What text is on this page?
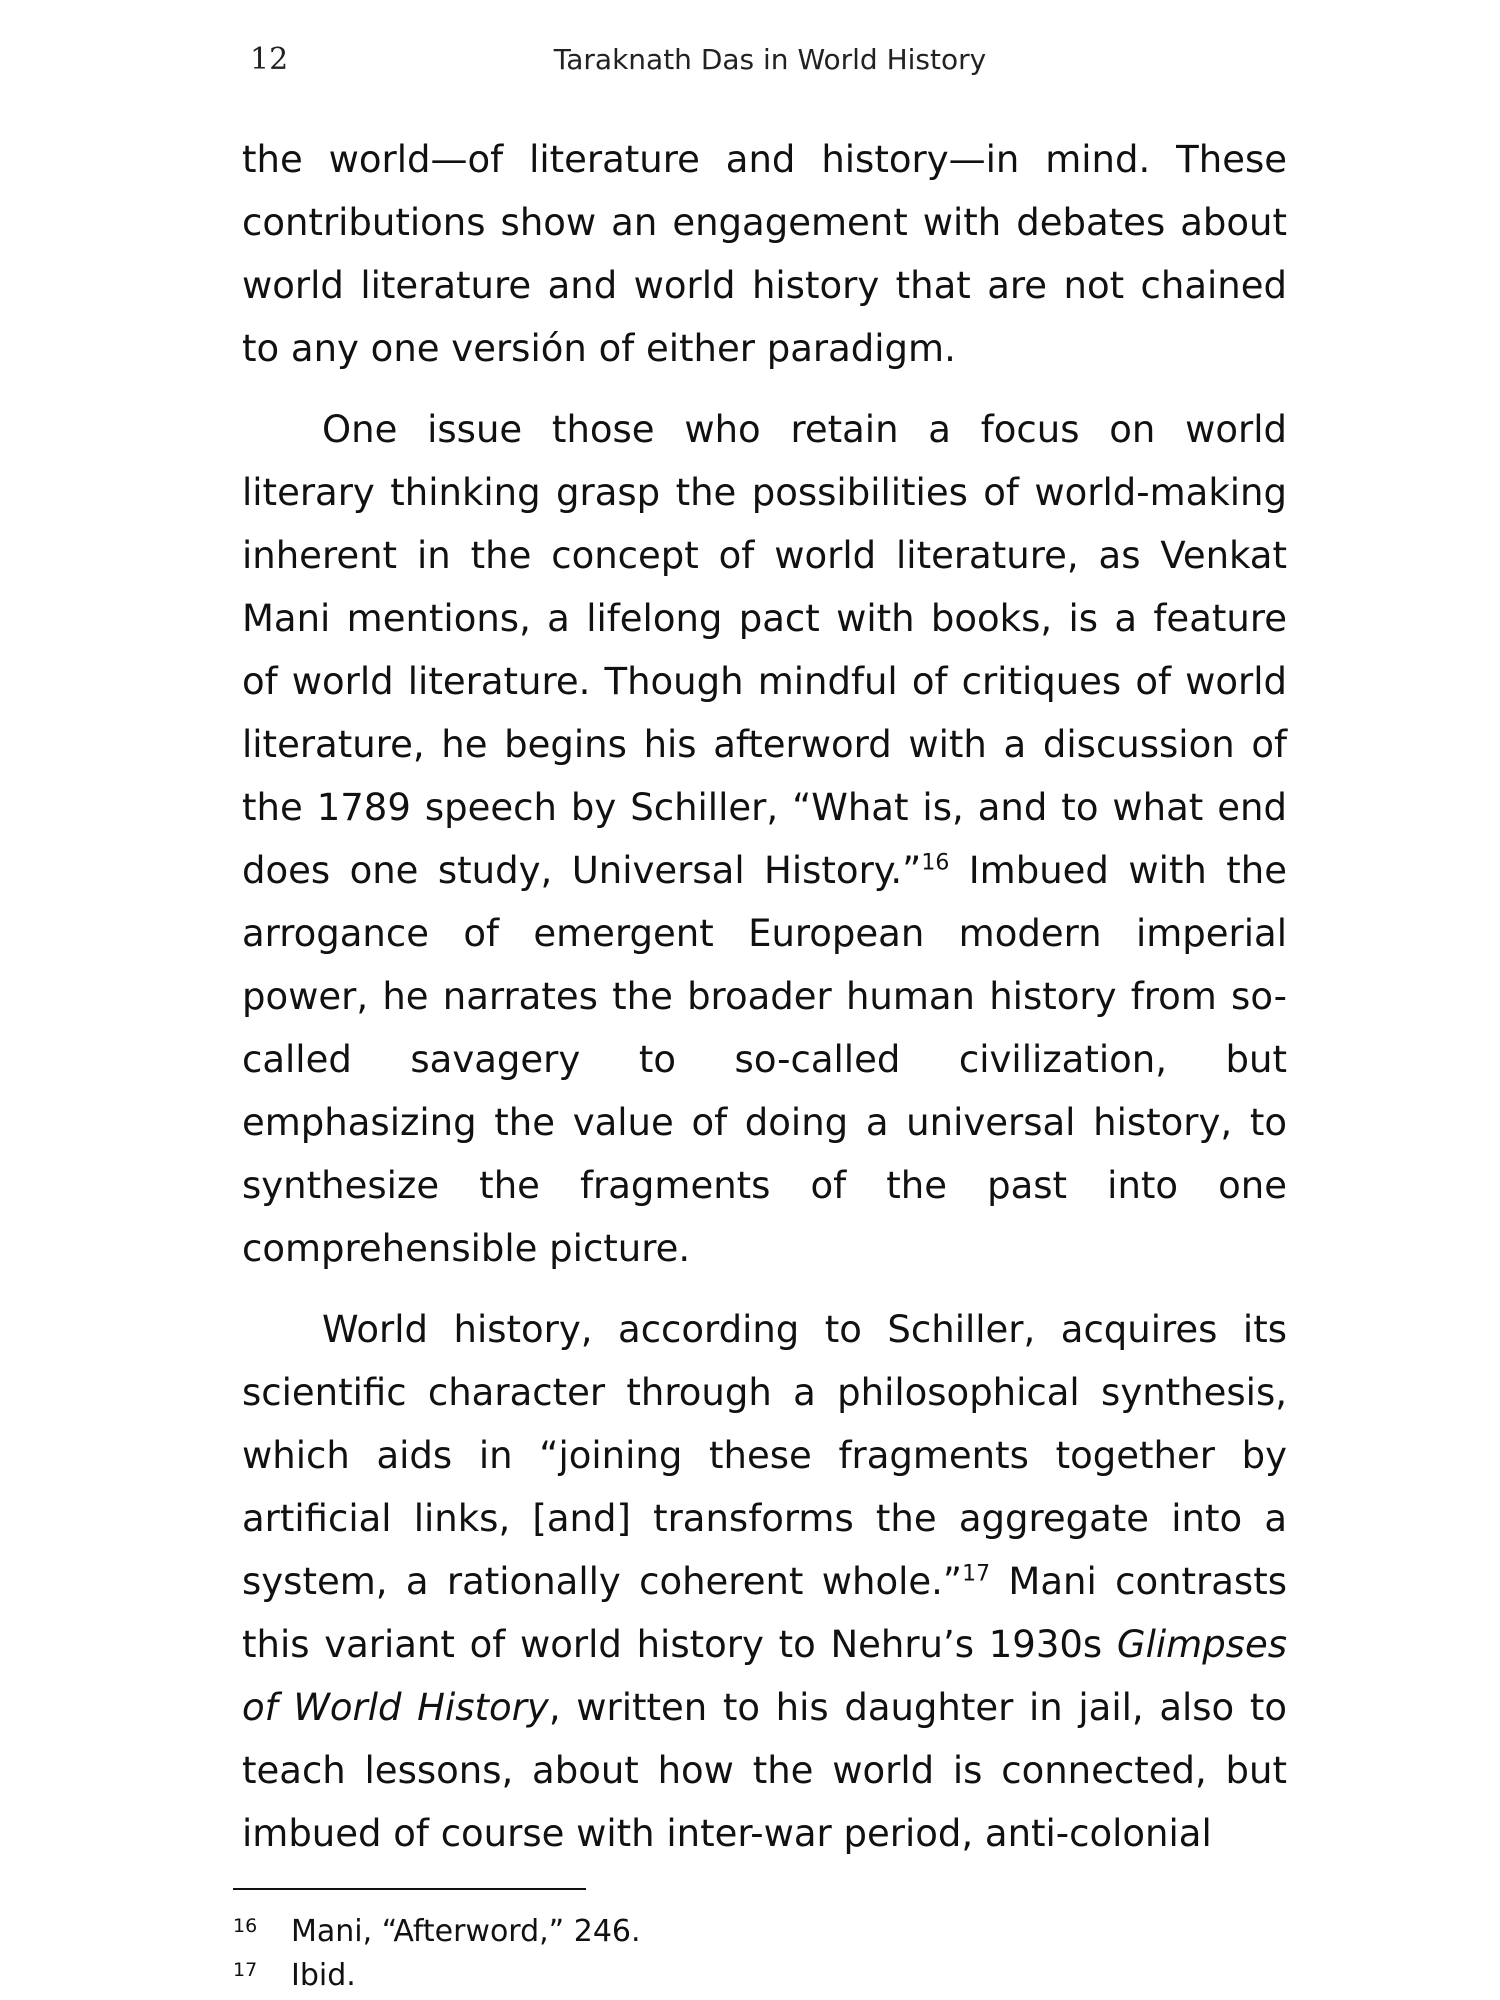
12	Taraknath Das in World History

the world—of literature and history—in mind. These contributions show an engagement with debates about world literature and world history that are not chained to any one versión of either paradigm.

One issue those who retain a focus on world literary thinking grasp the possibilities of world-making inherent in the concept of world literature, as Venkat Mani mentions, a lifelong pact with books, is a feature of world literature. Though mindful of critiques of world literature, he begins his afterword with a discussion of the 1789 speech by Schiller, “What is, and to what end does one study, Universal History.”$^{16}$ Imbued with the arrogance of emergent European modern imperial power, he narrates the broader human history from so-called savagery to so-called civilization, but emphasizing the value of doing a universal history, to synthesize the fragments of the past into one comprehensible picture.

World history, according to Schiller, acquires its scientific character through a philosophical synthesis, which aids in “joining these fragments together by artificial links, [and] transforms the aggregate into a system, a rationally coherent whole.”$^{17}$ Mani contrasts this variant of world history to Nehru’s 1930s Glimpses of World History, written to his daughter in jail, also to teach lessons, about how the world is connected, but imbued of course with inter-war period, anti-colonial

16 Mani, “Afterword,” 246.
17 Ibid.
